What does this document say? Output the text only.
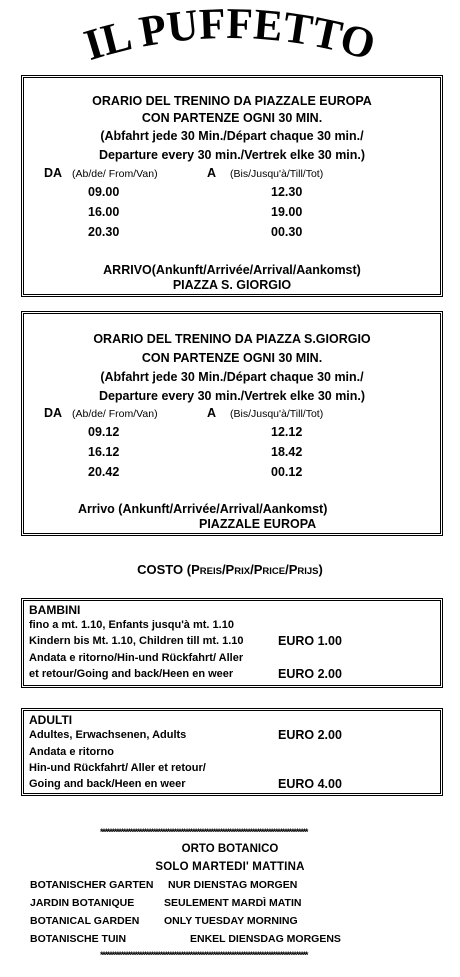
IL PUFFETTO
ORARIO DEL TRENINO DA PIAZZALE EUROPA
CON PARTENZE OGNI 30 MIN.
(Abfahrt jede 30 Min./Départ chaque 30 min./
Departure every 30 min./Vertrek elke 30 min.)
DA (Ab/de/ From/Van)	A (Bis/Jusqu'à/Till/Tot)
09.00	12.30
16.00	19.00
20.30	00.30
ARRIVO(Ankunft/Arrivée/Arrival/Aankomst)
PIAZZA S. GIORGIO
ORARIO DEL TRENINO DA PIAZZA S.GIORGIO
CON PARTENZE OGNI 30 MIN.
(Abfahrt jede 30 Min./Départ chaque 30 min./
Departure every 30 min./Vertrek elke 30 min.)
DA (Ab/de/ From/Van)	A (Bis/Jusqu'à/Till/Tot)
09.12	12.12
16.12	18.42
20.42	00.12
Arrivo (Ankunft/Arrivée/Arrival/Aankomst)
PIAZZALE EUROPA
COSTO (PREIS/PRIX/PRICE/PRIJS)
BAMBINI
fino a mt. 1.10, Enfants jusqu'à mt. 1.10
Kindern bis Mt. 1.10, Children till mt. 1.10	EURO 1.00
Andata e ritorno/Hin-und Rückfahrt/ Aller
et retour/Going and back/Heen en weer	EURO 2.00
ADULTI
Adultes, Erwachsenen, Adults	EURO 2.00
Andata e ritorno
Hin-und Rückfahrt/ Aller et retour/
Going and back/Heen en weer	EURO 4.00
******************************************************************************************
ORTO BOTANICO
SOLO MARTEDI' MATTINA
BOTANISCHER GARTEN NUR DIENSTAG MORGEN
JARDIN BOTANIQUE	SEULEMENT MARDÌ MATIN
BOTANICAL GARDEN ONLY TUESDAY MORNING
BOTANISCHE TUIN	ENKEL DIENSDAG MORGENS
******************************************************************************************
